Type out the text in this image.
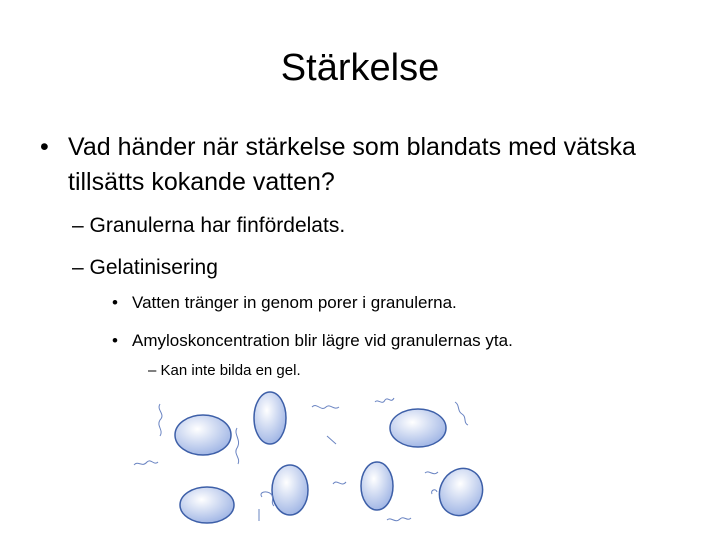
Stärkelse
• Vad händer när stärkelse som blandats med vätska tillsätts kokande vatten?
– Granulerna har finfördelats.
– Gelatinisering
• Vatten tränger in genom porer i granulerna.
• Amyloskoncentration blir lägre vid granulernas yta.
– Kan inte bilda en gel.
